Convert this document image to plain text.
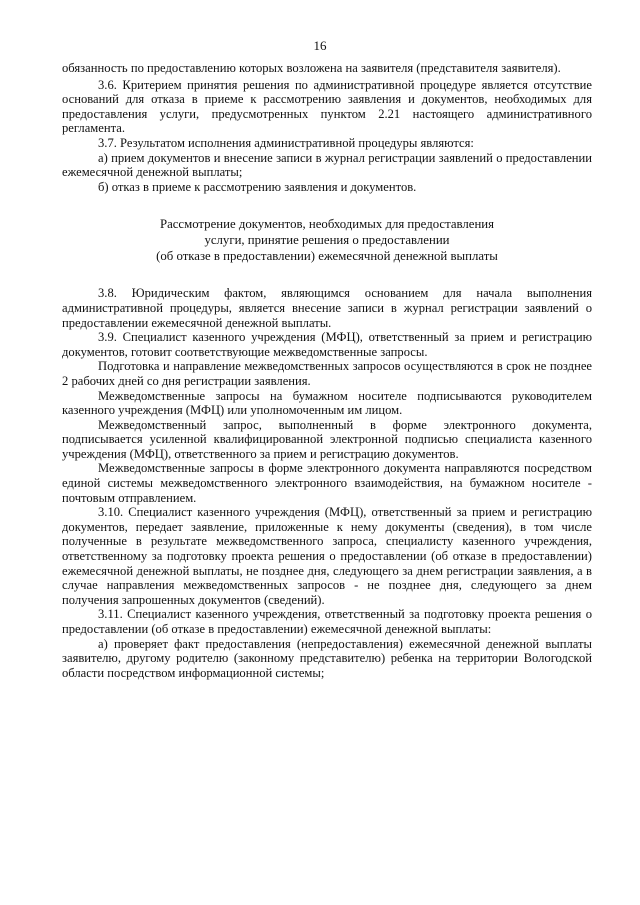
16

обязанность по предоставлению которых возложена на заявителя (представителя заявителя).

3.6. Критерием принятия решения по административной процедуре является отсутствие оснований для отказа в приеме к рассмотрению заявления и документов, необходимых для предоставления услуги, предусмотренных пунктом 2.21 настоящего административного регламента.

3.7. Результатом исполнения административной процедуры являются:

а) прием документов и внесение записи в журнал регистрации заявлений о предоставлении ежемесячной денежной выплаты;

б) отказ в приеме к рассмотрению заявления и документов.

Рассмотрение документов, необходимых для предоставления
услуги, принятие решения о предоставлении
(об отказе в предоставлении) ежемесячной денежной выплаты

3.8. Юридическим фактом, являющимся основанием для начала выполнения административной процедуры, является внесение записи в журнал регистрации заявлений о предоставлении ежемесячной денежной выплаты.

3.9. Специалист казенного учреждения (МФЦ), ответственный за прием и регистрацию документов, готовит соответствующие межведомственные запросы.

Подготовка и направление межведомственных запросов осуществляются в срок не позднее 2 рабочих дней со дня регистрации заявления.

Межведомственные запросы на бумажном носителе подписываются руководителем казенного учреждения (МФЦ) или уполномоченным им лицом.

Межведомственный запрос, выполненный в форме электронного документа, подписывается усиленной квалифицированной электронной подписью специалиста казенного учреждения (МФЦ), ответственного за прием и регистрацию документов.

Межведомственные запросы в форме электронного документа направляются посредством единой системы межведомственного электронного взаимодействия, на бумажном носителе - почтовым отправлением.

3.10. Специалист казенного учреждения (МФЦ), ответственный за прием и регистрацию документов, передает заявление, приложенные к нему документы (сведения), в том числе полученные в результате межведомственного запроса, специалисту казенного учреждения, ответственному за подготовку проекта решения о предоставлении (об отказе в предоставлении) ежемесячной денежной выплаты, не позднее дня, следующего за днем регистрации заявления, а в случае направления межведомственных запросов - не позднее дня, следующего за днем получения запрошенных документов (сведений).

3.11. Специалист казенного учреждения, ответственный за подготовку проекта решения о предоставлении (об отказе в предоставлении) ежемесячной денежной выплаты:

а) проверяет факт предоставления (непредоставления) ежемесячной денежной выплаты заявителю, другому родителю (законному представителю) ребенка на территории Вологодской области посредством информационной системы;
